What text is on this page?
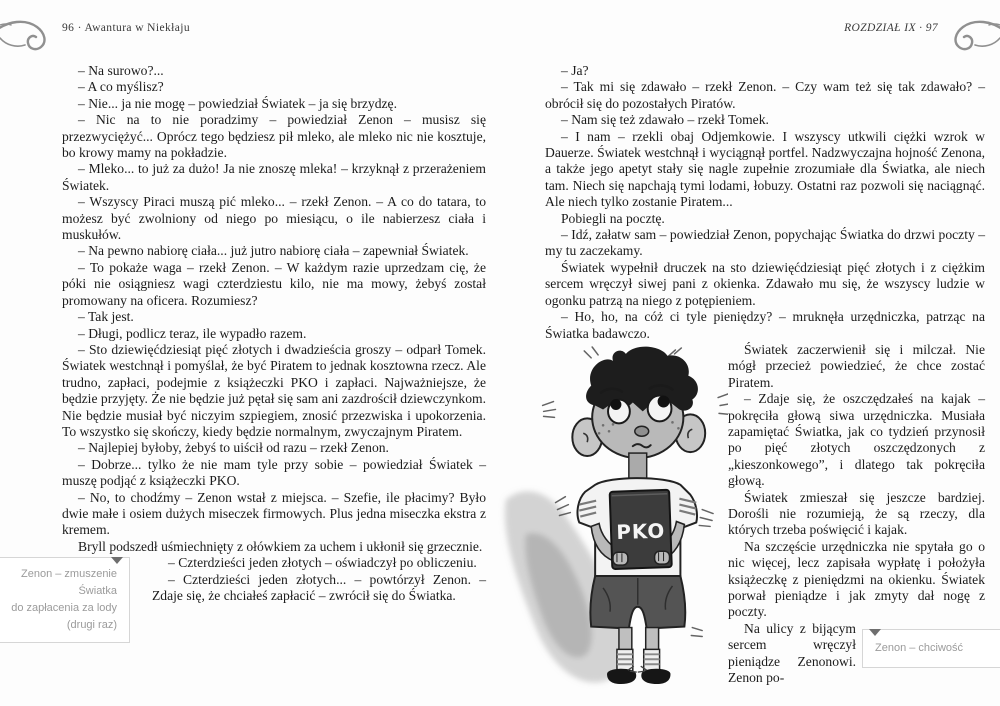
96 · Awantura w Niekłaju	ROZDZIAŁ IX · 97

– Na surowo?...

– A co myślisz?

– Nie... ja nie mogę – powiedział Światek – ja się brzydzę.

– Nic na to nie poradzimy – powiedział Zenon – musisz się przezwyciężyć... Oprócz tego będziesz pił mleko, ale mleko nic nie kosztuje, bo krowy mamy na pokładzie.

– Mleko... to już za dużo! Ja nie znoszę mleka! – krzyknął z przerażeniem Światek.

– Wszyscy Piraci muszą pić mleko... – rzekł Zenon. – A co do tatara, to możesz być zwolniony od niego po miesiącu, o ile nabierzesz ciała i muskułów.

– Na pewno nabiorę ciała... już jutro nabiorę ciała – zapewniał Światek.

– To pokaże waga – rzekł Zenon. – W każdym razie uprzedzam cię, że póki nie osiągniesz wagi czterdziestu kilo, nie ma mowy, żebyś został promowany na oficera. Rozumiesz?

– Tak jest.

– Długi, podlicz teraz, ile wypadło razem.

– Sto dziewięćdziesiąt pięć złotych i dwadzieścia groszy – odparł Tomek. Światek westchnął i pomyślał, że być Piratem to jednak kosztowna rzecz. Ale trudno, zapłaci, podejmie z książeczki PKO i zapłaci. Najważniejsze, że będzie przyjęty. Że nie będzie już pętał się sam ani zazdrościł dziewczynkom. Nie będzie musiał być niczyim szpiegiem, znosić przezwiska i upokorzenia. To wszystko się skończy, kiedy będzie normalnym, zwyczajnym Piratem.

– Najlepiej byłoby, żebyś to uiścił od razu – rzekł Zenon.

– Dobrze... tylko że nie mam tyle przy sobie – powiedział Światek – muszę podjąć z książeczki PKO.

– No, to chodźmy – Zenon wstał z miejsca. – Szefie, ile płacimy? Było dwie małe i osiem dużych miseczek firmowych. Plus jedna miseczka ekstra z kremem.

Bryll podszedł uśmiechnięty z ołówkiem za uchem i ukłonił się grzecznie.

Zenon – zmuszenie Światka
do zapłacenia za lody
(drugi raz)

– Czterdzieści jeden złotych – oświadczył po obliczeniu.

– Czterdzieści jeden złotych... – powtórzył Zenon. – Zdaje się, że chciałeś zapłacić – zwrócił się do Światka.

– Ja?

– Tak mi się zdawało – rzekł Zenon. – Czy wam też się tak zdawało? – obrócił się do pozostałych Piratów.

– Nam się też zdawało – rzekł Tomek.

– I nam – rzekli obaj Odjemkowie. I wszyscy utkwili ciężki wzrok w Dauerze. Światek westchnął i wyciągnął portfel. Nadzwyczajna hojność Zenona, a także jego apetyt stały się nagle zupełnie zrozumiałe dla Światka, ale niech tam. Niech się napchają tymi lodami, łobuzy. Ostatni raz pozwoli się naciągnąć. Ale niech tylko zostanie Piratem...

Pobiegli na pocztę.

– Idź, załatw sam – powiedział Zenon, popychając Światka do drzwi poczty – my tu zaczekamy.

Światek wypełnił druczek na sto dziewięćdziesiąt pięć złotych i z ciężkim sercem wręczył siwej pani z okienka. Zdawało mu się, że wszyscy ludzie w ogonku patrzą na niego z potępieniem.

– Ho, ho, na cóż ci tyle pieniędzy? – mruknęła urzędniczka, patrząc na Światka badawczo.

PKO

Światek zaczerwienił się i milczał. Nie mógł przecież powiedzieć, że chce zostać Piratem.

– Zdaje się, że oszczędzałeś na kajak – pokręciła głową siwa urzędniczka. Musiała zapamiętać Światka, jak co tydzień przynosił po pięć złotych oszczędzonych z „kieszonkowego”, i dlatego tak pokręciła głową.

Światek zmieszał się jeszcze bardziej. Dorośli nie rozumieją, że są rzeczy, dla których trzeba poświęcić i kajak.

Na szczęście urzędniczka nie spytała go o nic więcej, lecz zapisała wypłatę i położyła książeczkę z pieniędzmi na okienku. Światek porwał pieniądze i jak zmyty dał nogę z poczty.

Zenon – chciwość

Na ulicy z bijącym sercem wręczył pieniądze Zenonowi. Zenon po-
